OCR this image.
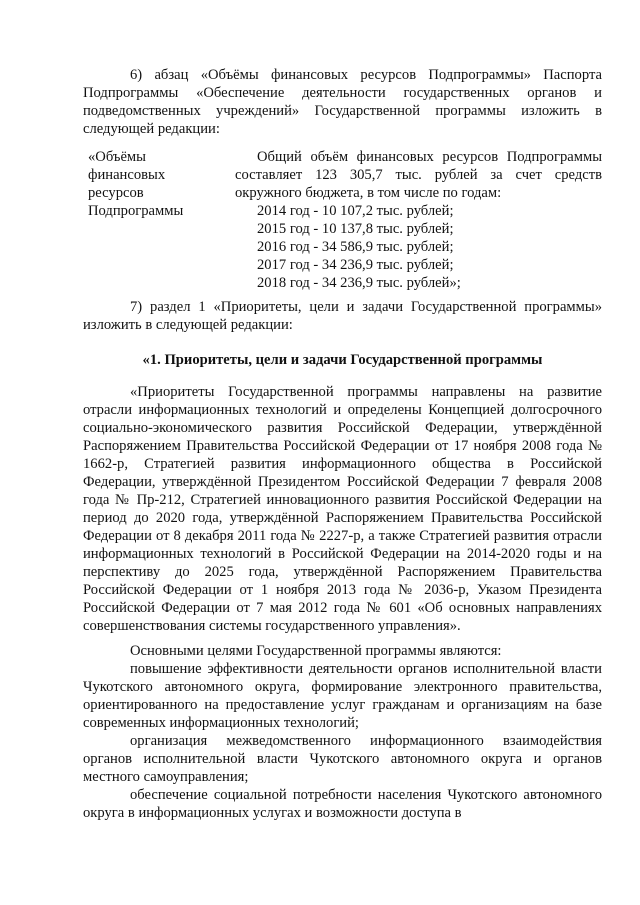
6) абзац «Объёмы финансовых ресурсов Подпрограммы» Паспорта Подпрограммы «Обеспечение деятельности государственных органов и подведомственных учреждений» Государственной программы изложить в следующей редакции:

«Объёмы
финансовых
ресурсов
Подпрограммы
Общий объём финансовых ресурсов Подпрограммы составляет 123 305,7 тыс. рублей за счет средств окружного бюджета, в том числе по годам:
2014 год - 10 107,2 тыс. рублей;
2015 год - 10 137,8 тыс. рублей;
2016 год - 34 586,9 тыс. рублей;
2017 год - 34 236,9 тыс. рублей;
2018 год - 34 236,9 тыс. рублей»;

7) раздел 1 «Приоритеты, цели и задачи Государственной программы» изложить в следующей редакции:

«1. Приоритеты, цели и задачи Государственной программы

«Приоритеты Государственной программы направлены на развитие отрасли информационных технологий и определены Концепцией долгосрочного социально-экономического развития Российской Федерации, утверждённой Распоряжением Правительства Российской Федерации от 17 ноября 2008 года № 1662-р, Стратегией развития информационного общества в Российской Федерации, утверждённой Президентом Российской Федерации 7 февраля 2008 года № Пр-212, Стратегией инновационного развития Российской Федерации на период до 2020 года, утверждённой Распоряжением Правительства Российской Федерации от 8 декабря 2011 года № 2227-р, а также Стратегией развития отрасли информационных технологий в Российской Федерации на 2014-2020 годы и на перспективу до 2025 года, утверждённой Распоряжением Правительства Российской Федерации от 1 ноября 2013 года № 2036-р, Указом Президента Российской Федерации от 7 мая 2012 года № 601 «Об основных направлениях совершенствования системы государственного управления».

Основными целями Государственной программы являются:

повышение эффективности деятельности органов исполнительной власти Чукотского автономного округа, формирование электронного правительства, ориентированного на предоставление услуг гражданам и организациям на базе современных информационных технологий;

организация межведомственного информационного взаимодействия органов исполнительной власти Чукотского автономного округа и органов местного самоуправления;

обеспечение социальной потребности населения Чукотского автономного округа в информационных услугах и возможности доступа в
